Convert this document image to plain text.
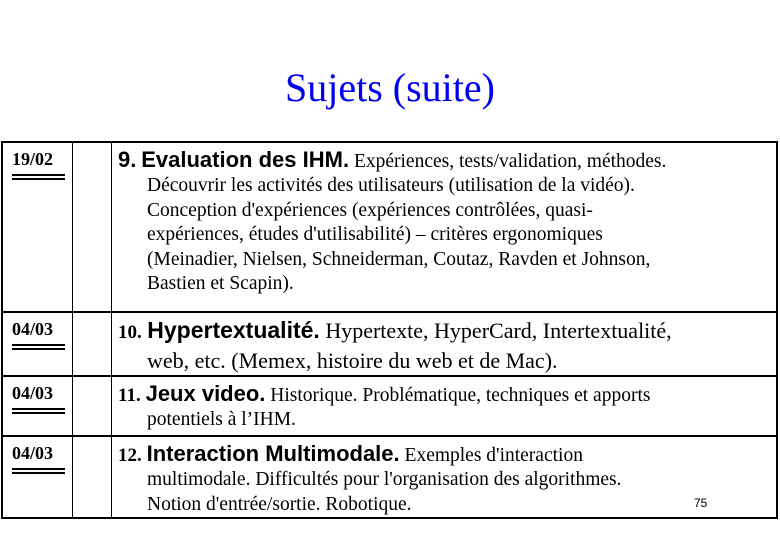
Sujets (suite)
19/02	9. Evaluation des IHM. Expériences, tests/validation, méthodes.
Découvrir les activités des utilisateurs (utilisation de la vidéo).
Conception d'expériences (expériences contrôlées, quasi-
expériences, études d'utilisabilité) – critères ergonomiques
(Meinadier, Nielsen, Schneiderman, Coutaz, Ravden et Johnson,
Bastien et Scapin).
04/03	10. Hypertextualité. Hypertexte, HyperCard, Intertextualité,
web, etc. (Memex, histoire du web et de Mac).
04/03	11. Jeux video. Historique. Problématique, techniques et apports
potentiels à l’IHM.
04/03	12. Interaction Multimodale. Exemples d'interaction
multimodale. Difficultés pour l'organisation des algorithmes.
Notion d'entrée/sortie. Robotique.	75
